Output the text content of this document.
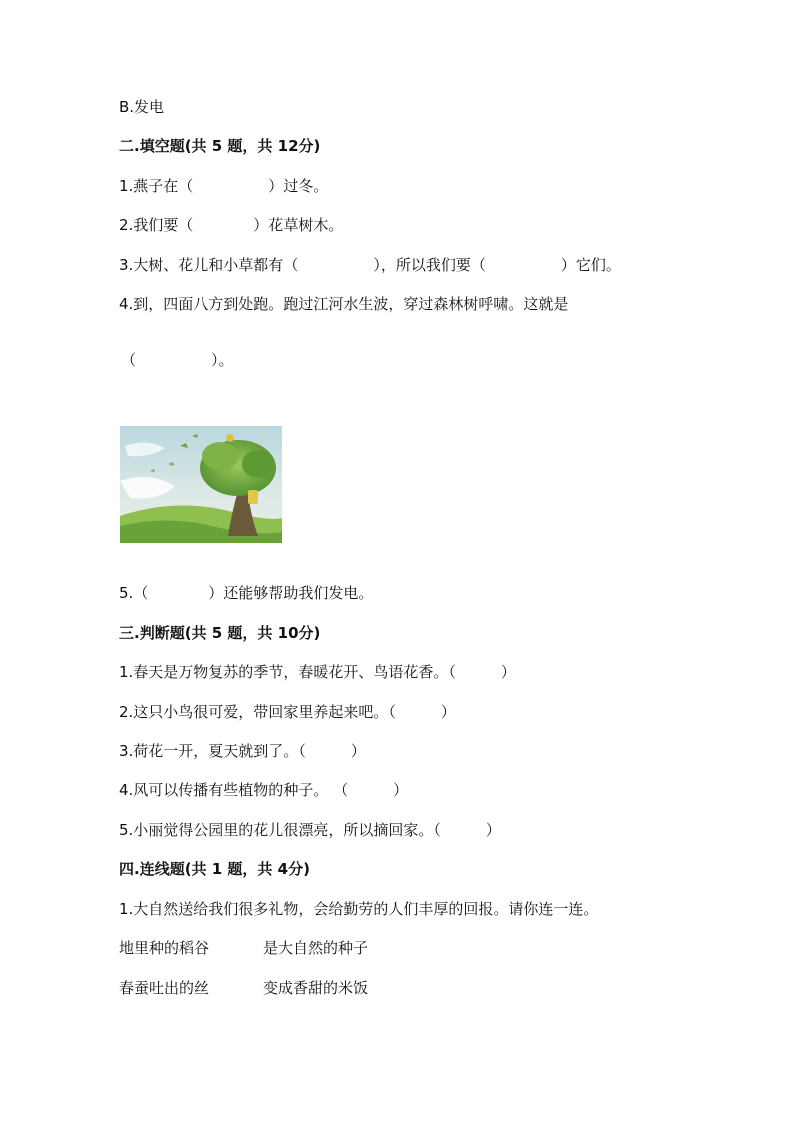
B.发电
二.填空题(共 5 题，共 12分)
1.燕子在（　　　　　）过冬。
2.我们要（　　　　）花草树木。
3.大树、花儿和小草都有（　　　　　），所以我们要（　　　　　）它们。
4.到，四面八方到处跑。跑过江河水生波，穿过森林树呼啸。这就是
（　　　　　）。
5.（　　　　）还能够帮助我们发电。
三.判断题(共 5 题，共 10分)
1.春天是万物复苏的季节，春暖花开、鸟语花香。（　　　）
2.这只小鸟很可爱，带回家里养起来吧。（　　　）
3.荷花一开，夏天就到了。（　　　）
4.风可以传播有些植物的种子。 （　　　）
5.小丽觉得公园里的花儿很漂亮，所以摘回家。（　　　）
四.连线题(共 1 题，共 4分)
1.大自然送给我们很多礼物，会给勤劳的人们丰厚的回报。请你连一连。
地里种的稻谷	是大自然的种子
春蚕吐出的丝	变成香甜的米饭
